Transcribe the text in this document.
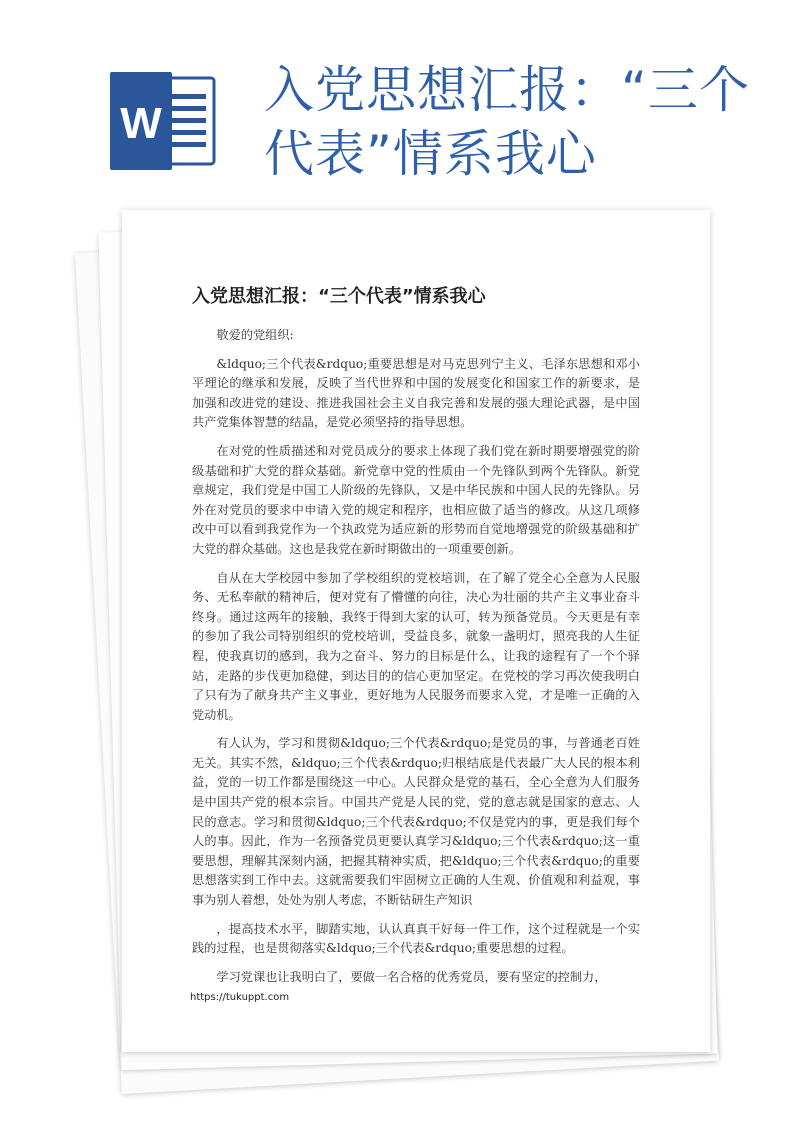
W
入党思想汇报：“三个代表”情系我心
入党思想汇报：“三个代表”情系我心

敬爱的党组织:

&ldquo;三个代表&rdquo;重要思想是对马克思列宁主义、毛泽东思想和邓小平理论的继承和发展，反映了当代世界和中国的发展变化和国家工作的新要求，是加强和改进党的建设、推进我国社会主义自我完善和发展的强大理论武器，是中国共产党集体智慧的结晶，是党必须坚持的指导思想。

在对党的性质描述和对党员成分的要求上体现了我们党在新时期要增强党的阶级基础和扩大党的群众基础。新党章中党的性质由一个先锋队到两个先锋队。新党章规定，我们党是中国工人阶级的先锋队，又是中华民族和中国人民的先锋队。另外在对党员的要求中申请入党的规定和程序，也相应做了适当的修改。从这几项修改中可以看到我党作为一个执政党为适应新的形势而自觉地增强党的阶级基础和扩大党的群众基础。这也是我党在新时期做出的一项重要创新。

自从在大学校园中参加了学校组织的党校培训，在了解了党全心全意为人民服务、无私奉献的精神后，便对党有了懵懂的向往，决心为壮丽的共产主义事业奋斗终身。通过这两年的接触，我终于得到大家的认可，转为预备党员。今天更是有幸的参加了我公司特别组织的党校培训，受益良多，就象一盏明灯，照亮我的人生征程，使我真切的感到，我为之奋斗、努力的目标是什么，让我的途程有了一个个驿站，走路的步伐更加稳健，到达目的的信心更加坚定。在党校的学习再次使我明白了只有为了献身共产主义事业，更好地为人民服务而要求入党，才是唯一正确的入党动机。

有人认为，学习和贯彻&ldquo;三个代表&rdquo;是党员的事，与普通老百姓无关。其实不然，&ldquo;三个代表&rdquo;归根结底是代表最广大人民的根本利益，党的一切工作都是围绕这一中心。人民群众是党的基石，全心全意为人们服务是中国共产党的根本宗旨。中国共产党是人民的党，党的意志就是国家的意志、人民的意志。学习和贯彻&ldquo;三个代表&rdquo;不仅是党内的事，更是我们每个人的事。因此，作为一名预备党员更要认真学习&ldquo;三个代表&rdquo;这一重要思想，理解其深刻内涵，把握其精神实质，把&ldquo;三个代表&rdquo;的重要思想落实到工作中去。这就需要我们牢固树立正确的人生观、价值观和利益观，事事为别人着想，处处为别人考虑，不断钻研生产知识

，提高技术水平，脚踏实地，认认真真干好每一件工作，这个过程就是一个实践的过程，也是贯彻落实&ldquo;三个代表&rdquo;重要思想的过程。

学习党课也让我明白了，要做一名合格的优秀党员，要有坚定的控制力，

https://tukuppt.com
